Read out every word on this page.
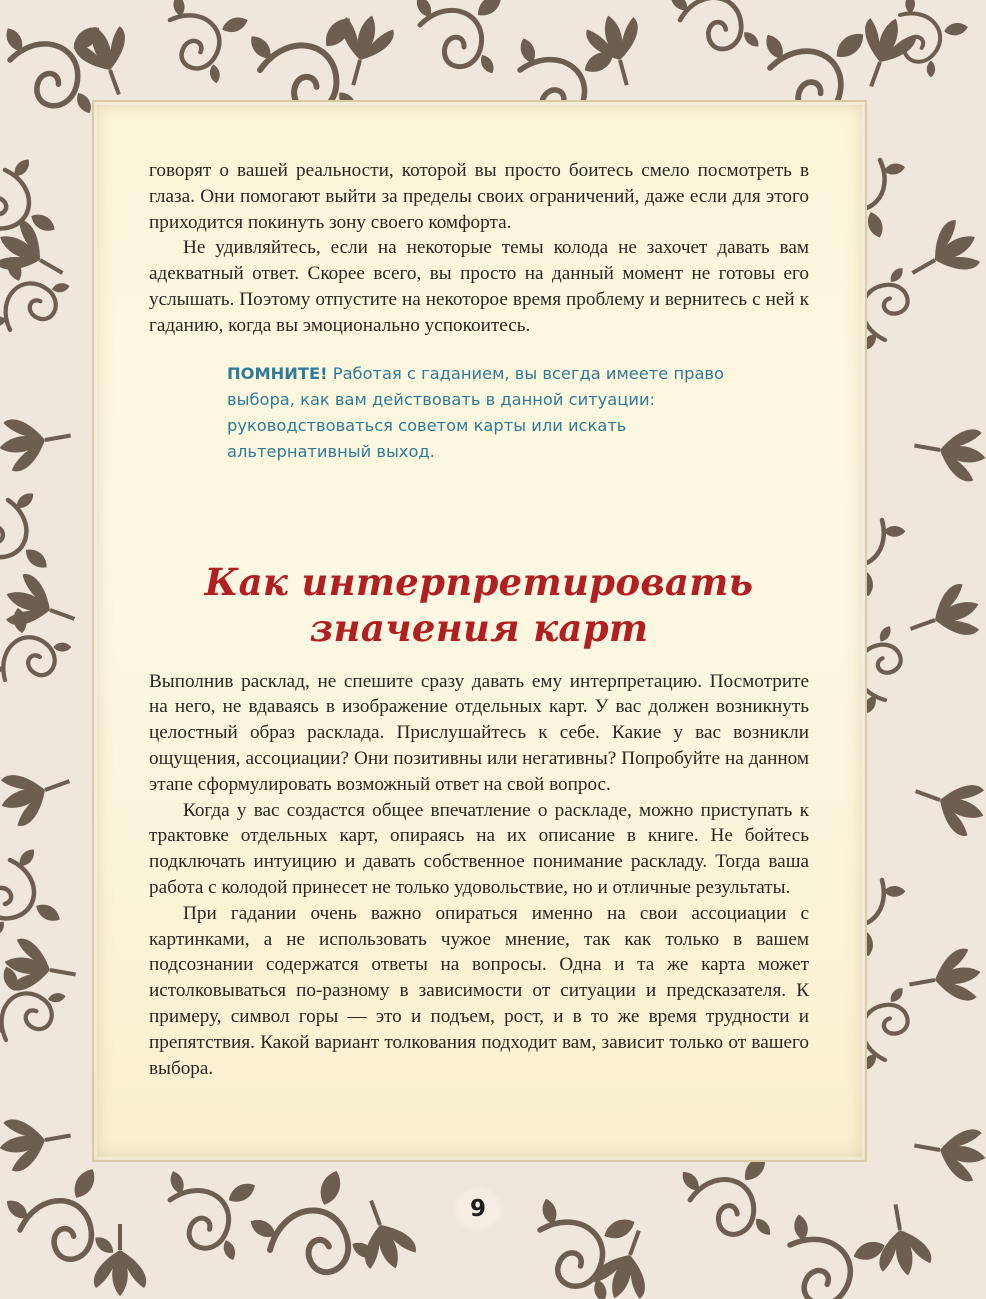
говорят о вашей реальности, которой вы просто боитесь смело посмотреть в глаза. Они помогают выйти за пределы своих ограничений, даже если для этого приходится покинуть зону своего комфорта.

Не удивляйтесь, если на некоторые темы колода не захочет давать вам адекватный ответ. Скорее всего, вы просто на данный момент не готовы его услышать. Поэтому отпустите на некоторое время проблему и вернитесь с ней к гаданию, когда вы эмоционально успокоитесь.

ПОМНИТЕ! Работая с гаданием, вы всегда имеете право выбора, как вам действовать в данной ситуации: руководствоваться советом карты или искать альтернативный выход.
Как интерпретировать
значения карт

Выполнив расклад, не спешите сразу давать ему интерпретацию. Посмотрите на него, не вдаваясь в изображение отдельных карт. У вас должен возникнуть целостный образ расклада. Прислушайтесь к себе. Какие у вас возникли ощущения, ассоциации? Они позитивны или негативны? Попробуйте на данном этапе сформулировать возможный ответ на свой вопрос.

Когда у вас создастся общее впечатление о раскладе, можно приступать к трактовке отдельных карт, опираясь на их описание в книге. Не бойтесь подключать интуицию и давать собственное понимание раскладу. Тогда ваша работа с колодой принесет не только удовольствие, но и отличные результаты.

При гадании очень важно опираться именно на свои ассоциации с картинками, а не использовать чужое мнение, так как только в вашем подсознании содержатся ответы на вопросы. Одна и та же карта может истолковываться по-разному в зависимости от ситуации и предсказателя. К примеру, символ горы — это и подъем, рост, и в то же время трудности и препятствия. Какой вариант толкования подходит вам, зависит только от вашего выбора.

9
